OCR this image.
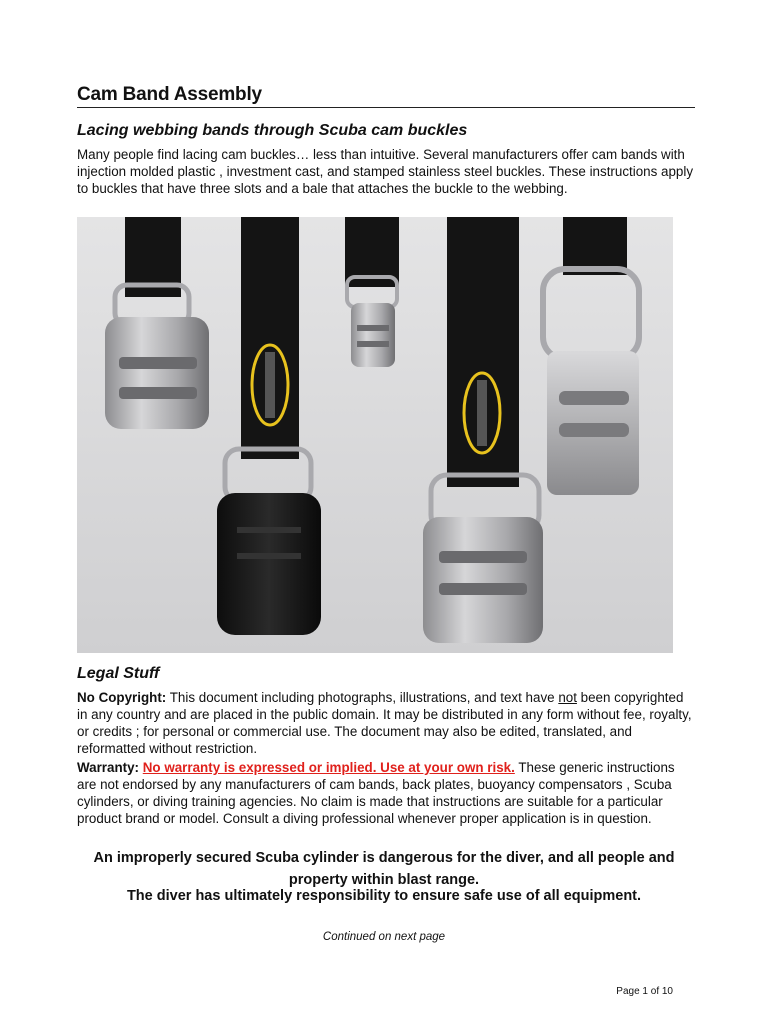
Cam Band Assembly
Lacing webbing bands through Scuba cam buckles

Many people find lacing cam buckles… less than intuitive. Several manufacturers offer cam bands with injection molded plastic , investment cast, and stamped stainless steel buckles. These instructions apply to buckles that have three slots and a bale that attaches the buckle to the webbing.

Legal Stuff

No Copyright: This document including photographs, illustrations, and text have not been copyrighted in any country and are placed in the public domain. It may be distributed in any form without fee, royalty, or credits ; for personal or commercial use. The document may also be edited, translated, and reformatted without restriction.

Warranty: No warranty is expressed or implied. Use at your own risk. These generic instructions are not endorsed by any manufacturers of cam bands, back plates, buoyancy compensators , Scuba cylinders, or diving training agencies. No claim is made that instructions are suitable for a particular product brand or model. Consult a diving professional whenever proper application is in question.

An improperly secured Scuba cylinder is dangerous for the diver, and all people and property within blast range.

The diver has ultimately responsibility to ensure safe use of all equipment.

Continued on next page
Page 1 of 10
